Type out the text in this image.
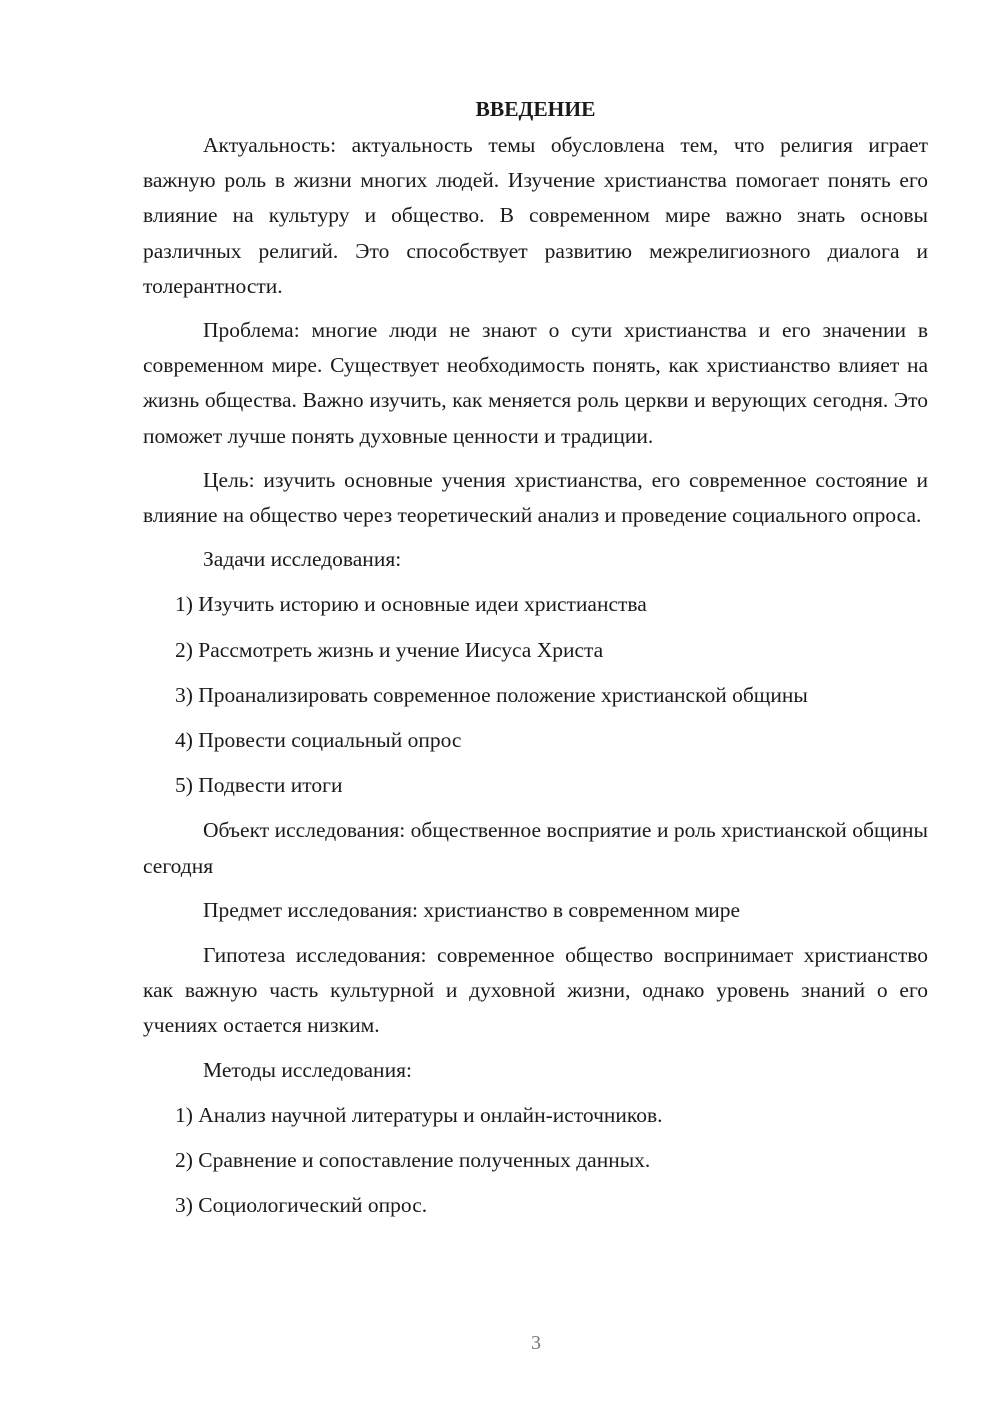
ВВЕДЕНИЕ

Актуальность: актуальность темы обусловлена тем, что религия играет важную роль в жизни многих людей. Изучение христианства помогает понять его влияние на культуру и общество. В современном мире важно знать основы различных религий. Это способствует развитию межрелигиозного диалога и толерантности.

Проблема: многие люди не знают о сути христианства и его значении в современном мире. Существует необходимость понять, как христианство влияет на жизнь общества. Важно изучить, как меняется роль церкви и верующих сегодня. Это поможет лучше понять духовные ценности и традиции.

Цель: изучить основные учения христианства, его современное состояние и влияние на общество через теоретический анализ и проведение социального опроса.

Задачи исследования:

1) Изучить историю и основные идеи христианства
2) Рассмотреть жизнь и учение Иисуса Христа
3) Проанализировать современное положение христианской общины
4) Провести социальный опрос
5) Подвести итоги

Объект исследования: общественное восприятие и роль христианской общины сегодня

Предмет исследования: христианство в современном мире

Гипотеза исследования: современное общество воспринимает христианство как важную часть культурной и духовной жизни, однако уровень знаний о его учениях остается низким.

Методы исследования:

1) Анализ научной литературы и онлайн-источников.
2) Сравнение и сопоставление полученных данных.
3) Социологический опрос.
3
